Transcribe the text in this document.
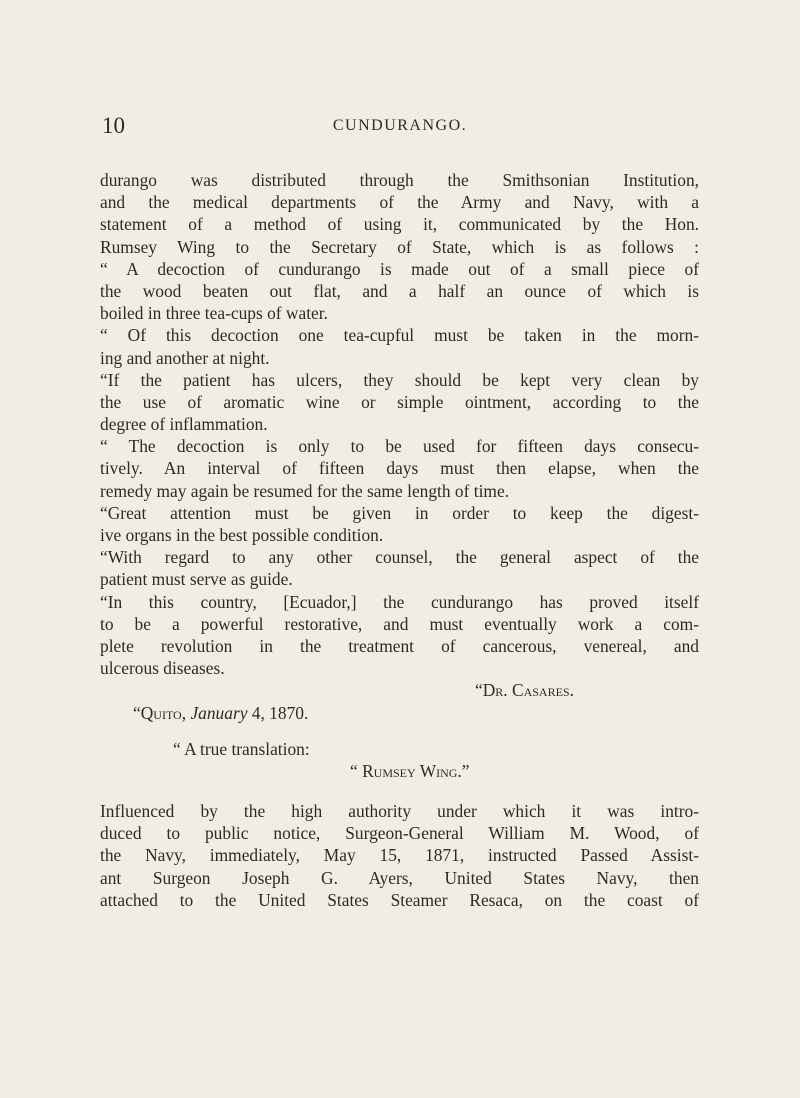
10	CUNDURANGO.
durango was distributed through the Smithsonian Institution,
and the medical departments of the Army and Navy, with a
statement of a method of using it, communicated by the Hon.
Rumsey Wing to the Secretary of State, which is as follows :
“ A decoction of cundurango is made out of a small piece of
the wood beaten out flat, and a half an ounce of which is
boiled in three tea-cups of water.
“ Of this decoction one tea-cupful must be taken in the morn-
ing and another at night.
“If the patient has ulcers, they should be kept very clean by
the use of aromatic wine or simple ointment, according to the
degree of inflammation.
“ The decoction is only to be used for fifteen days consecu-
tively. An interval of fifteen days must then elapse, when the
remedy may again be resumed for the same length of time.
“Great attention must be given in order to keep the digest-
ive organs in the best possible condition.
“With regard to any other counsel, the general aspect of the
patient must serve as guide.
“In this country, [Ecuador,] the cundurango has proved itself
to be a powerful restorative, and must eventually work a com-
plete revolution in the treatment of cancerous, venereal, and
ulcerous diseases.
“Dr. Casares.
“Quito, January 4, 1870.
“ A true translation:
“ Rumsey Wing.”
Influenced by the high authority under which it was intro-
duced to public notice, Surgeon-General William M. Wood, of
the Navy, immediately, May 15, 1871, instructed Passed Assist-
ant Surgeon Joseph G. Ayers, United States Navy, then
attached to the United States Steamer Resaca, on the coast of
